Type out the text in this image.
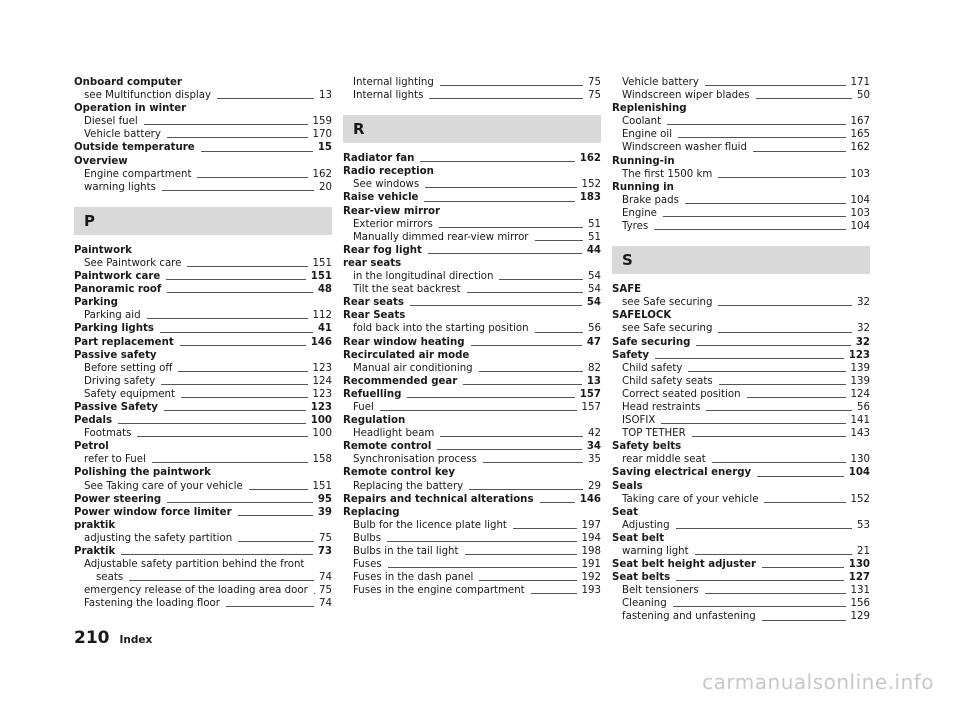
Onboard computer
see Multifunction display	13
Operation in winter
Diesel fuel	159
Vehicle battery	170
Outside temperature	15
Overview
Engine compartment	162
warning lights	20
P
Paintwork
See Paintwork care	151
Paintwork care	151
Panoramic roof	48
Parking
Parking aid	112
Parking lights	41
Part replacement	146
Passive safety
Before setting off	123
Driving safety	124
Safety equipment	123
Passive Safety	123
Pedals	100
Footmats	100
Petrol
refer to Fuel	158
Polishing the paintwork
See Taking care of your vehicle	151
Power steering	95
Power window force limiter	39
praktik
adjusting the safety partition	75
Praktik	73
Adjustable safety partition behind the front
seats	74
emergency release of the loading area door 75
Fastening the loading floor	74
Internal lighting	75
Internal lights	75
R
Radiator fan	162
Radio reception
See windows	152
Raise vehicle	183
Rear-view mirror
Exterior mirrors	51
Manually dimmed rear-view mirror	51
Rear fog light	44
rear seats
in the longitudinal direction	54
Tilt the seat backrest	54
Rear seats	54
Rear Seats
fold back into the starting position	56
Rear window heating	47
Recirculated air mode
Manual air conditioning	82
Recommended gear	13
Refuelling	157
Fuel	157
Regulation
Headlight beam	42
Remote control	34
Synchronisation process	35
Remote control key
Replacing the battery	29
Repairs and technical alterations	146
Replacing
Bulb for the licence plate light	197
Bulbs	194
Bulbs in the tail light	198
Fuses	191
Fuses in the dash panel	192
Fuses in the engine compartment	193
Vehicle battery	171
Windscreen wiper blades	50
Replenishing
Coolant	167
Engine oil	165
Windscreen washer fluid	162
Running-in
The first 1500 km	103
Running in
Brake pads	104
Engine	103
Tyres	104
S
SAFE
see Safe securing	32
SAFELOCK
see Safe securing	32
Safe securing	32
Safety	123
Child safety	139
Child safety seats	139
Correct seated position	124
Head restraints	56
ISOFIX	141
TOP TETHER	143
Safety belts
rear middle seat	130
Saving electrical energy	104
Seals
Taking care of your vehicle	152
Seat
Adjusting	53
Seat belt
warning light	21
Seat belt height adjuster	130
Seat belts	127
Belt tensioners	131
Cleaning	156
fastening and unfastening	129
210 Index
carmanualsonline.info
